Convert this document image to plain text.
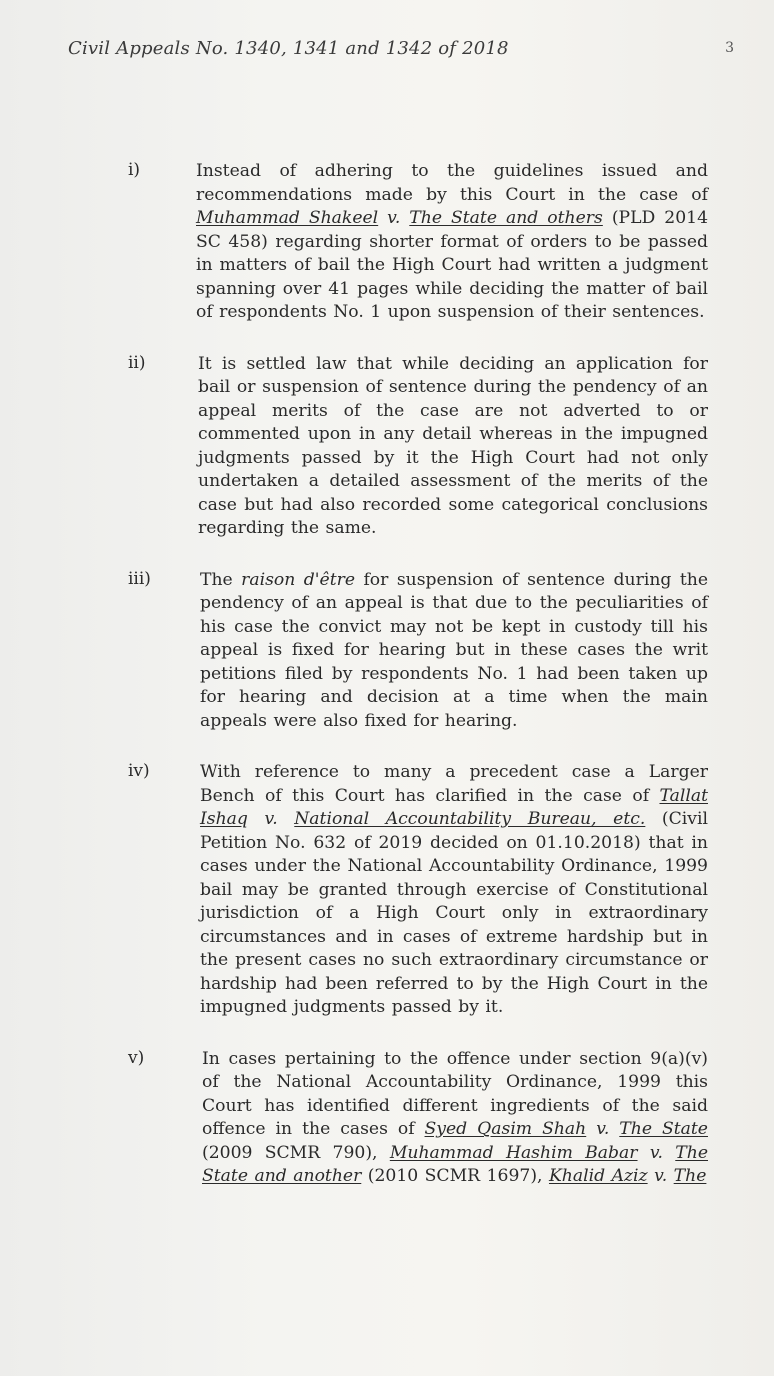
Civil Appeals No. 1340, 1341 and 1342 of 2018	3
i)	Instead of adhering to the guidelines issued and recommendations made by this Court in the case of Muhammad Shakeel v. The State and others (PLD 2014 SC 458) regarding shorter format of orders to be passed in matters of bail the High Court had written a judgment spanning over 41 pages while deciding the matter of bail of respondents No. 1 upon suspension of their sentences.
ii)	It is settled law that while deciding an application for bail or suspension of sentence during the pendency of an appeal merits of the case are not adverted to or commented upon in any detail whereas in the impugned judgments passed by it the High Court had not only undertaken a detailed assessment of the merits of the case but had also recorded some categorical conclusions regarding the same.
iii)	The raison d'être for suspension of sentence during the pendency of an appeal is that due to the peculiarities of his case the convict may not be kept in custody till his appeal is fixed for hearing but in these cases the writ petitions filed by respondents No. 1 had been taken up for hearing and decision at a time when the main appeals were also fixed for hearing.
iv)	With reference to many a precedent case a Larger Bench of this Court has clarified in the case of Tallat Ishaq v. National Accountability Bureau, etc. (Civil Petition No. 632 of 2019 decided on 01.10.2018) that in cases under the National Accountability Ordinance, 1999 bail may be granted through exercise of Constitutional jurisdiction of a High Court only in extraordinary circumstances and in cases of extreme hardship but in the present cases no such extraordinary circumstance or hardship had been referred to by the High Court in the impugned judgments passed by it.
v)	In cases pertaining to the offence under section 9(a)(v) of the National Accountability Ordinance, 1999 this Court has identified different ingredients of the said offence in the cases of Syed Qasim Shah v. The State (2009 SCMR 790), Muhammad Hashim Babar v. The State and another (2010 SCMR 1697), Khalid Aziz v. The
